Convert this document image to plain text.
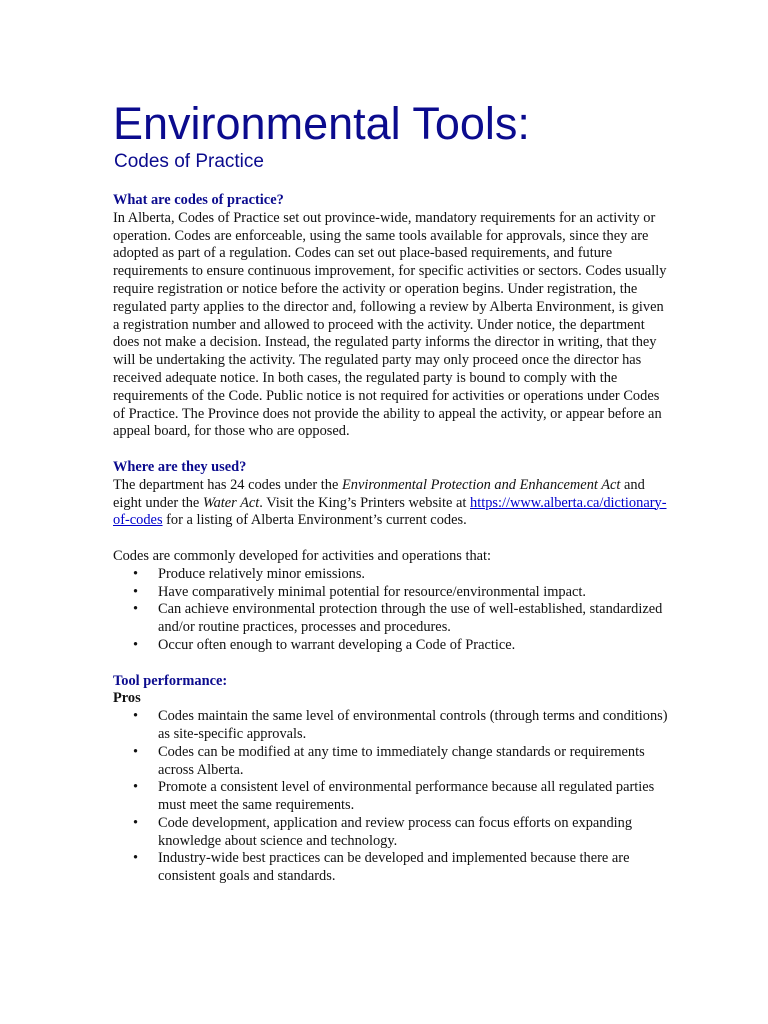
Environmental Tools:
Codes of Practice

What are codes of practice?

In Alberta, Codes of Practice set out province-wide, mandatory requirements for an activity or operation. Codes are enforceable, using the same tools available for approvals, since they are adopted as part of a regulation. Codes can set out place-based requirements, and future requirements to ensure continuous improvement, for specific activities or sectors. Codes usually require registration or notice before the activity or operation begins. Under registration, the regulated party applies to the director and, following a review by Alberta Environment, is given a registration number and allowed to proceed with the activity. Under notice, the department does not make a decision. Instead, the regulated party informs the director in writing, that they will be undertaking the activity. The regulated party may only proceed once the director has received adequate notice. In both cases, the regulated party is bound to comply with the requirements of the Code. Public notice is not required for activities or operations under Codes of Practice. The Province does not provide the ability to appeal the activity, or appear before an appeal board, for those who are opposed.

Where are they used?

The department has 24 codes under the Environmental Protection and Enhancement Act and eight under the Water Act. Visit the King’s Printers website at https://www.alberta.ca/dictionary-of-codes for a listing of Alberta Environment’s current codes.

Codes are commonly developed for activities and operations that:

• Produce relatively minor emissions.
• Have comparatively minimal potential for resource/environmental impact.
• Can achieve environmental protection through the use of well-established, standardized and/or routine practices, processes and procedures.
• Occur often enough to warrant developing a Code of Practice.

Tool performance:

Pros

• Codes maintain the same level of environmental controls (through terms and conditions) as site-specific approvals.
• Codes can be modified at any time to immediately change standards or requirements across Alberta.
• Promote a consistent level of environmental performance because all regulated parties must meet the same requirements.
• Code development, application and review process can focus efforts on expanding knowledge about science and technology.
• Industry-wide best practices can be developed and implemented because there are consistent goals and standards.
